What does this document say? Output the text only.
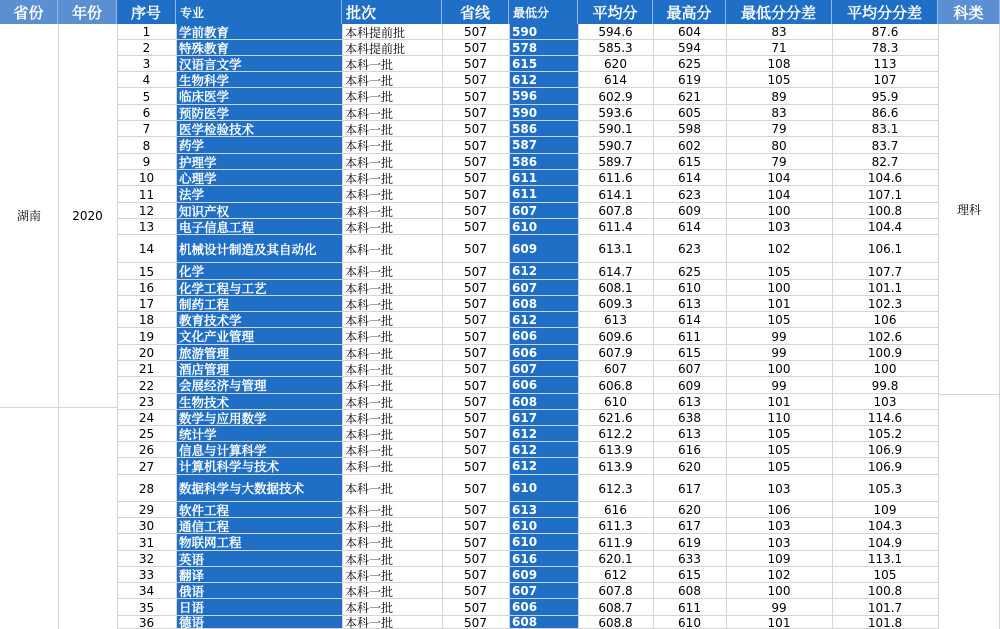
省份	年份	序号	专业	批次	省线	最低分	平均分	最高分	最低分分差	平均分分差	科类
湖南	2020	理科
1	学前教育	本科提前批	507	590	594.6	604	83	87.6
2	特殊教育	本科提前批	507	578	585.3	594	71	78.3
3	汉语言文学	本科一批	507	615	620	625	108	113
4	生物科学	本科一批	507	612	614	619	105	107
5	临床医学	本科一批	507	596	602.9	621	89	95.9
6	预防医学	本科一批	507	590	593.6	605	83	86.6
7	医学检验技术	本科一批	507	586	590.1	598	79	83.1
8	药学	本科一批	507	587	590.7	602	80	83.7
9	护理学	本科一批	507	586	589.7	615	79	82.7
10	心理学	本科一批	507	611	611.6	614	104	104.6
11	法学	本科一批	507	611	614.1	623	104	107.1
12	知识产权	本科一批	507	607	607.8	609	100	100.8
13	电子信息工程	本科一批	507	610	611.4	614	103	104.4
14	机械设计制造及其自动化	本科一批	507	609	613.1	623	102	106.1
15	化学	本科一批	507	612	614.7	625	105	107.7
16	化学工程与工艺	本科一批	507	607	608.1	610	100	101.1
17	制药工程	本科一批	507	608	609.3	613	101	102.3
18	教育技术学	本科一批	507	612	613	614	105	106
19	文化产业管理	本科一批	507	606	609.6	611	99	102.6
20	旅游管理	本科一批	507	606	607.9	615	99	100.9
21	酒店管理	本科一批	507	607	607	607	100	100
22	会展经济与管理	本科一批	507	606	606.8	609	99	99.8
23	生物技术	本科一批	507	608	610	613	101	103
24	数学与应用数学	本科一批	507	617	621.6	638	110	114.6
25	统计学	本科一批	507	612	612.2	613	105	105.2
26	信息与计算科学	本科一批	507	612	613.9	616	105	106.9
27	计算机科学与技术	本科一批	507	612	613.9	620	105	106.9
28	数据科学与大数据技术	本科一批	507	610	612.3	617	103	105.3
29	软件工程	本科一批	507	613	616	620	106	109
30	通信工程	本科一批	507	610	611.3	617	103	104.3
31	物联网工程	本科一批	507	610	611.9	619	103	104.9
32	英语	本科一批	507	616	620.1	633	109	113.1
33	翻译	本科一批	507	609	612	615	102	105
34	俄语	本科一批	507	607	607.8	608	100	100.8
35	日语	本科一批	507	606	608.7	611	99	101.7
36	德语	本科一批	507	608	608.8	610	101	101.8
